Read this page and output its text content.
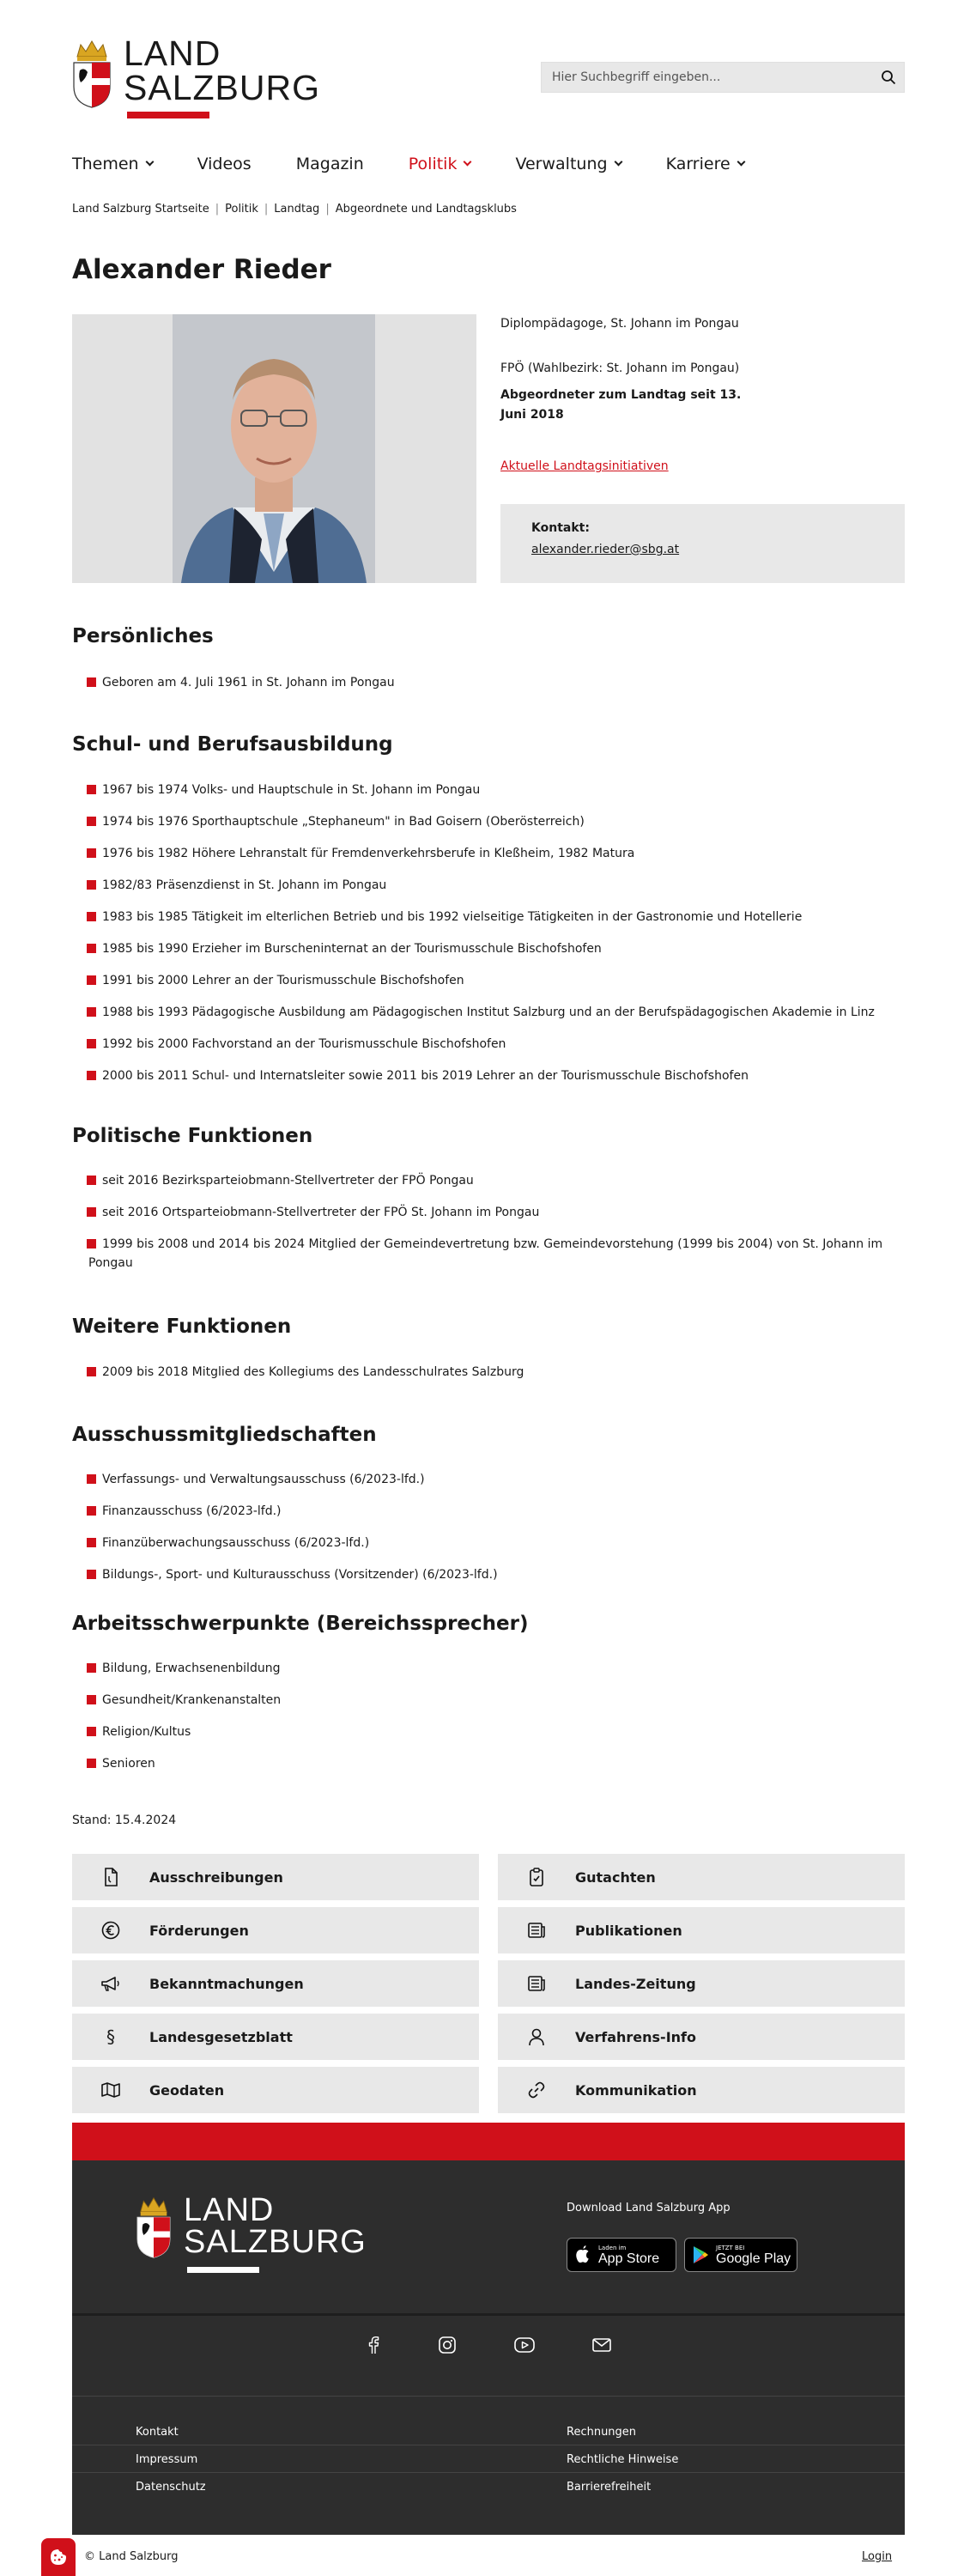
LAND
SALZBURG
Hier Suchbegriff eingeben...
Themen	Videos	Magazin	Politik	Verwaltung	Karriere
Land Salzburg Startseite | Politik | Landtag | Abgeordnete und Landtagsklubs
Alexander Rieder

Diplompädagoge, St. Johann im Pongau

FPÖ (Wahlbezirk: St. Johann im Pongau)

Abgeordneter zum Landtag seit 13. Juni 2018

Aktuelle Landtagsinitiativen
Kontakt:
alexander.rieder@sbg.at
Persönliches
Geboren am 4. Juli 1961 in St. Johann im Pongau
Schul- und Berufsausbildung
1967 bis 1974 Volks- und Hauptschule in St. Johann im Pongau
1974 bis 1976 Sporthauptschule „Stephaneum" in Bad Goisern (Oberösterreich)
1976 bis 1982 Höhere Lehranstalt für Fremdenverkehrsberufe in Kleßheim, 1982 Matura
1982/83 Präsenzdienst in St. Johann im Pongau
1983 bis 1985 Tätigkeit im elterlichen Betrieb und bis 1992 vielseitige Tätigkeiten in der Gastronomie und Hotellerie
1985 bis 1990 Erzieher im Burscheninternat an der Tourismusschule Bischofshofen
1991 bis 2000 Lehrer an der Tourismusschule Bischofshofen
1988 bis 1993 Pädagogische Ausbildung am Pädagogischen Institut Salzburg und an der Berufspädagogischen Akademie in Linz
1992 bis 2000 Fachvorstand an der Tourismusschule Bischofshofen
2000 bis 2011 Schul- und Internatsleiter sowie 2011 bis 2019 Lehrer an der Tourismusschule Bischofshofen
Politische Funktionen
seit 2016 Bezirksparteiobmann-Stellvertreter der FPÖ Pongau
seit 2016 Ortsparteiobmann-Stellvertreter der FPÖ St. Johann im Pongau
1999 bis 2008 und 2014 bis 2024 Mitglied der Gemeindevertretung bzw. Gemeindevorstehung (1999 bis 2004) von St. Johann im Pongau
Weitere Funktionen
2009 bis 2018 Mitglied des Kollegiums des Landesschulrates Salzburg
Ausschussmitgliedschaften
Verfassungs- und Verwaltungsausschuss (6/2023-lfd.)
Finanzausschuss (6/2023-lfd.)
Finanzüberwachungsausschuss (6/2023-lfd.)
Bildungs-, Sport- und Kulturausschuss (Vorsitzender) (6/2023-lfd.)
Arbeitsschwerpunkte (Bereichssprecher)
Bildung, Erwachsenenbildung
Gesundheit/Krankenanstalten
Religion/Kultus
Senioren
Stand: 15.4.2024
Ausschreibungen	Gutachten
Förderungen	Publikationen
Bekanntmachungen	Landes-Zeitung
§	Landesgesetzblatt	Verfahrens-Info
Geodaten	Kommunikation
LAND
SALZBURG
Download Land Salzburg App
Laden im
App Store
JETZT BEI
Google Play
Kontakt	Rechnungen
Impressum	Rechtliche Hinweise
Datenschutz	Barrierefreiheit
© Land Salzburg	Login
